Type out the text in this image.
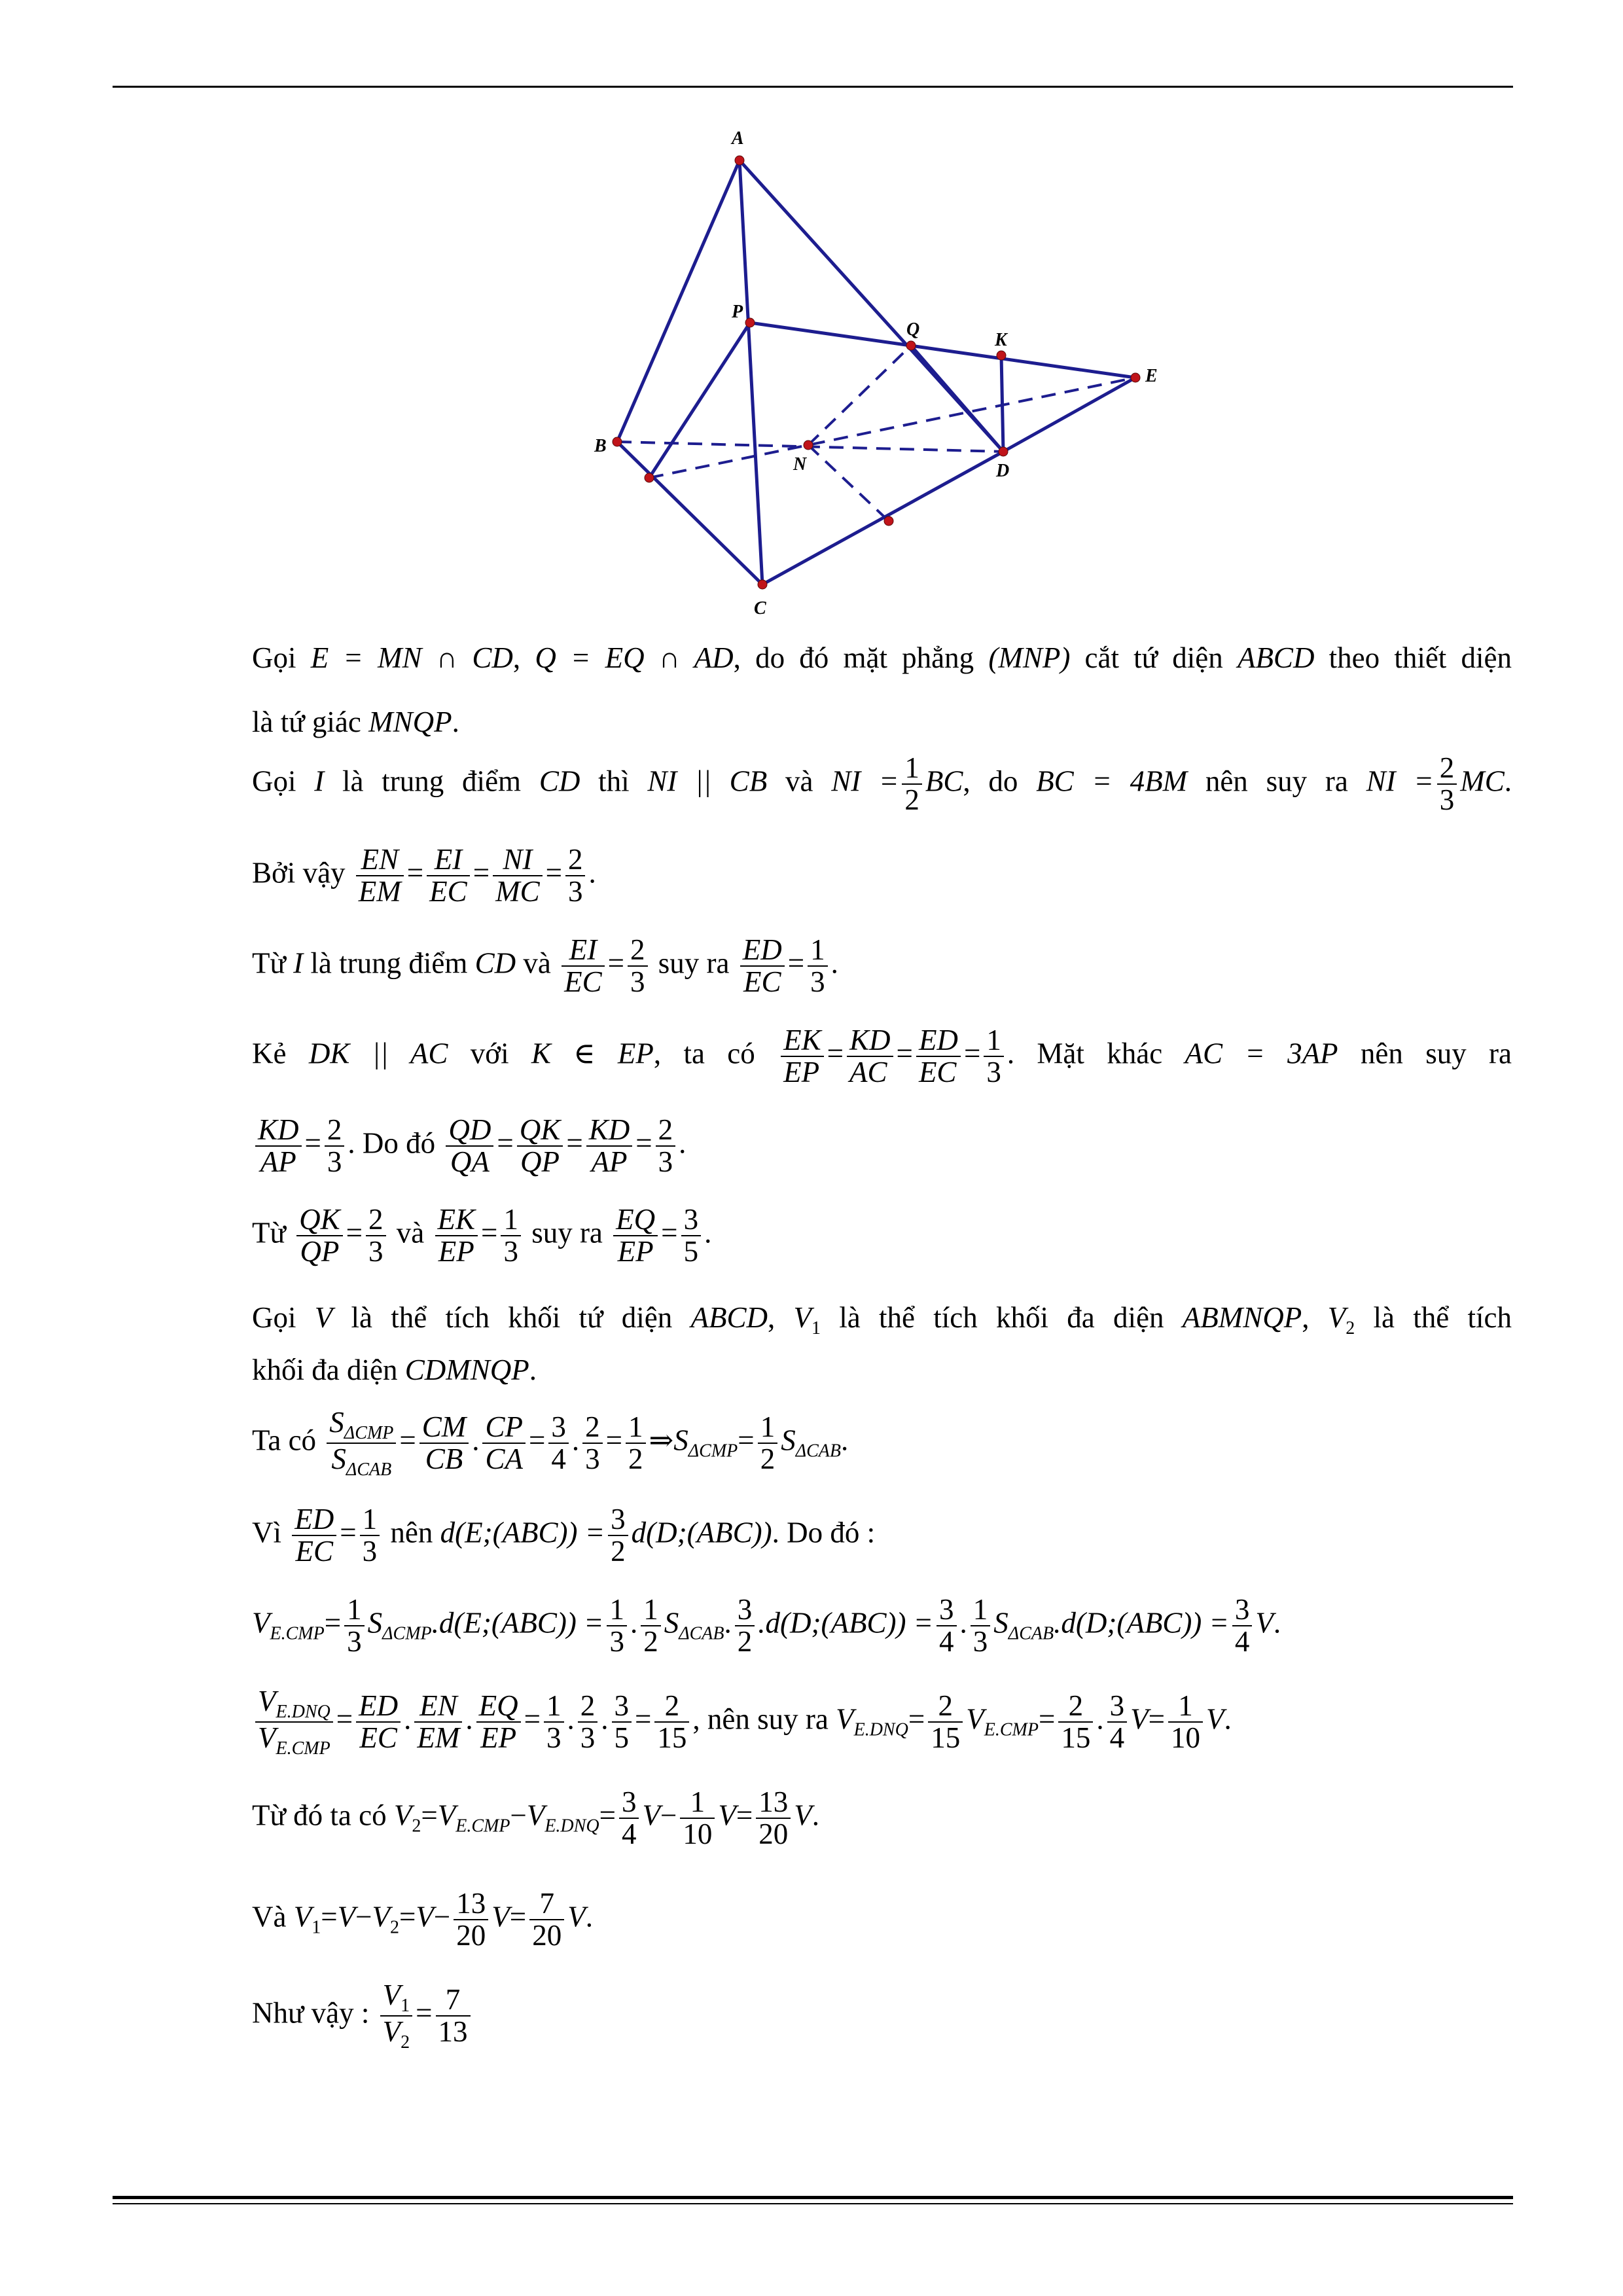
A
B
C
D
E
P
Q
K
N
Gọi E = MN ∩ CD, Q = EQ ∩ AD, do đó mặt phẳng (MNP) cắt tứ diện ABCD theo thiết diện
là tứ giác MNQP.
Gọi I là trung điểm CD thì NI || CB và NI = $\frac{1}{2}$ BC, do BC = 4BM nên suy ra NI = $\frac{2}{3}$ MC.
Bởi vậy $\frac{EN}{EM} = \frac{EI}{EC} = \frac{NI}{MC} = \frac{2}{3}$ .
Từ I là trung điểm CD và $\frac{EI}{EC} = \frac{2}{3}$ suy ra $\frac{ED}{EC} = \frac{1}{3}$ .
Kẻ DK || AC với K ∈ EP, ta có $\frac{EK}{EP} = \frac{KD}{AC} = \frac{ED}{EC} = \frac{1}{3}$ . Mặt khác AC = 3AP nên suy ra
$\frac{KD}{AP} = \frac{2}{3}$ . Do đó $\frac{QD}{QA} = \frac{QK}{QP} = \frac{KD}{AP} = \frac{2}{3}$ .
Từ $\frac{QK}{QP} = \frac{2}{3}$ và $\frac{EK}{EP} = \frac{1}{3}$ suy ra $\frac{EQ}{EP} = \frac{3}{5}$ .
Gọi V là thể tích khối tứ diện ABCD, $V_1$ là thể tích khối đa diện ABMNQP, $V_2$ là thể tích
khối đa diện CDMNQP.
Ta có
$S_{\Delta CMP}$
$S_{\Delta CAB}$
= $\frac{CM}{CB}$ . $\frac{CP}{CA} = \frac{3}{4}$ . $\frac{2}{3} = \frac{1}{2}$ $\Rightarrow S_{\Delta CMP}= \frac{1}{2} S_{\Delta CAB}$.
Vì $\frac{ED}{EC} = \frac{1}{3}$ nên d(E;(ABC)) = $\frac{3}{2}$ d(D;(ABC)). Do đó :
$V_{E.CMP}= \frac{1}{3}$ $S_{\Delta CMP}.d(E;(ABC)) = \frac{1}{3}$ . $\frac{1}{2} S_{\Delta CAB}$. $\frac{3}{2}$ .d(D;(ABC)) = $\frac{3}{4}$ . $\frac{1}{3}$ $S_{\Delta CAB}.d(D;(ABC)) = \frac{3}{4} V$.
$V_{E.DNQ}$
$V_{E.CMP}$
= $\frac{ED}{EC}$ . $\frac{EN}{EM}$ . $\frac{EQ}{EP} = \frac{1}{3}$ . $\frac{2}{3}$ . $\frac{3}{5} = \frac{2}{15}$ , nên suy ra $V_{E.DNQ}= \frac{2}{15} V_{E.CMP}= \frac{2}{15}$ . $\frac{3}{4} V= \frac{1}{10} V$.
Từ đó ta có $V_2=V_{E.CMP}-V_{E.DNQ}= \frac{3}{4} V- \frac{1}{10} V= \frac{13}{20} V$.
Và $V_1=V-V_2=V- \frac{13}{20} V= \frac{7}{20} V$.
Như vậy : $\frac{V_1}{V_2} = \frac{7}{13}$
